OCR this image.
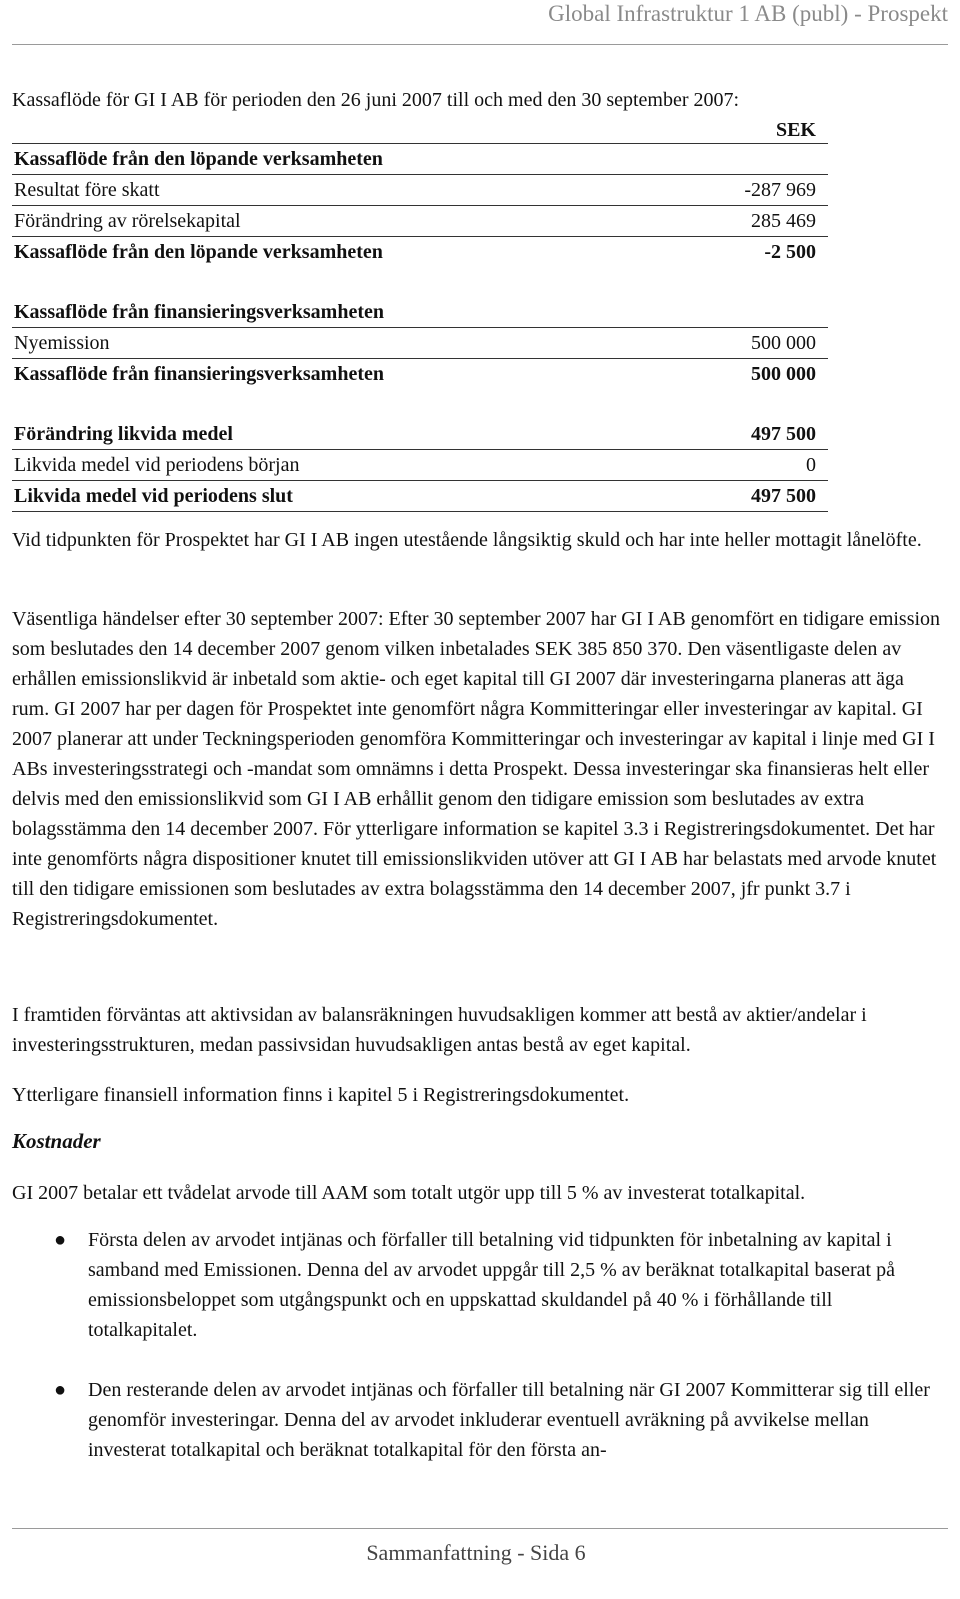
Global Infrastruktur 1 AB (publ) - Prospekt
Kassaflöde för GI I AB för perioden den 26 juni 2007 till och med den 30 september 2007:
SEK
Kassaflöde från den löpande verksamheten
Resultat före skatt	-287 969
Förändring av rörelsekapital	285 469
Kassaflöde från den löpande verksamheten	-2 500
Kassaflöde från finansieringsverksamheten
Nyemission	500 000
Kassaflöde från finansieringsverksamheten	500 000
Förändring likvida medel	497 500
Likvida medel vid periodens början	0
Likvida medel vid periodens slut	497 500

Vid tidpunkten för Prospektet har GI I AB ingen utestående långsiktig skuld och har inte heller mottagit lånelöfte.

Väsentliga händelser efter 30 september 2007: Efter 30 september 2007 har GI I AB genomfört en tidigare emission som beslutades den 14 december 2007 genom vilken inbetalades SEK 385 850 370. Den väsentligaste delen av erhållen emissionslikvid är inbetald som aktie- och eget kapital till GI 2007 där investeringarna planeras att äga rum. GI 2007 har per dagen för Prospektet inte genomfört några Kommitteringar eller investeringar av kapital. GI 2007 planerar att under Teckningsperioden genomföra Kommitteringar och investeringar av kapital i linje med GI I ABs investeringsstrategi och -mandat som omnämns i detta Prospekt. Dessa investeringar ska finansieras helt eller delvis med den emissionslikvid som GI I AB erhållit genom den tidigare emission som beslutades av extra bolagsstämma den 14 december 2007. För ytterligare information se kapitel 3.3 i Registreringsdokumentet. Det har inte genomförts några dispositioner knutet till emissionslikviden utöver att GI I AB har belastats med arvode knutet till den tidigare emissionen som beslutades av extra bolagsstämma den 14 december 2007, jfr punkt 3.7 i Registreringsdokumentet.

I framtiden förväntas att aktivsidan av balansräkningen huvudsakligen kommer att bestå av aktier/andelar i investeringsstrukturen, medan passivsidan huvudsakligen antas bestå av eget kapital.

Ytterligare finansiell information finns i kapitel 5 i Registreringsdokumentet.

Kostnader

GI 2007 betalar ett tvådelat arvode till AAM som totalt utgör upp till 5 % av investerat totalkapital.

● Första delen av arvodet intjänas och förfaller till betalning vid tidpunkten för inbetalning av kapital i samband med Emissionen. Denna del av arvodet uppgår till 2,5 % av beräknat totalkapital baserat på emissionsbeloppet som utgångspunkt och en uppskattad skuldandel på 40 % i förhållande till totalkapitalet.
● Den resterande delen av arvodet intjänas och förfaller till betalning när GI 2007 Kommitterar sig till eller genomför investeringar. Denna del av arvodet inkluderar eventuell avräkning på avvikelse mellan investerat totalkapital och beräknat totalkapital för den första an-
Sammanfattning - Sida 6
